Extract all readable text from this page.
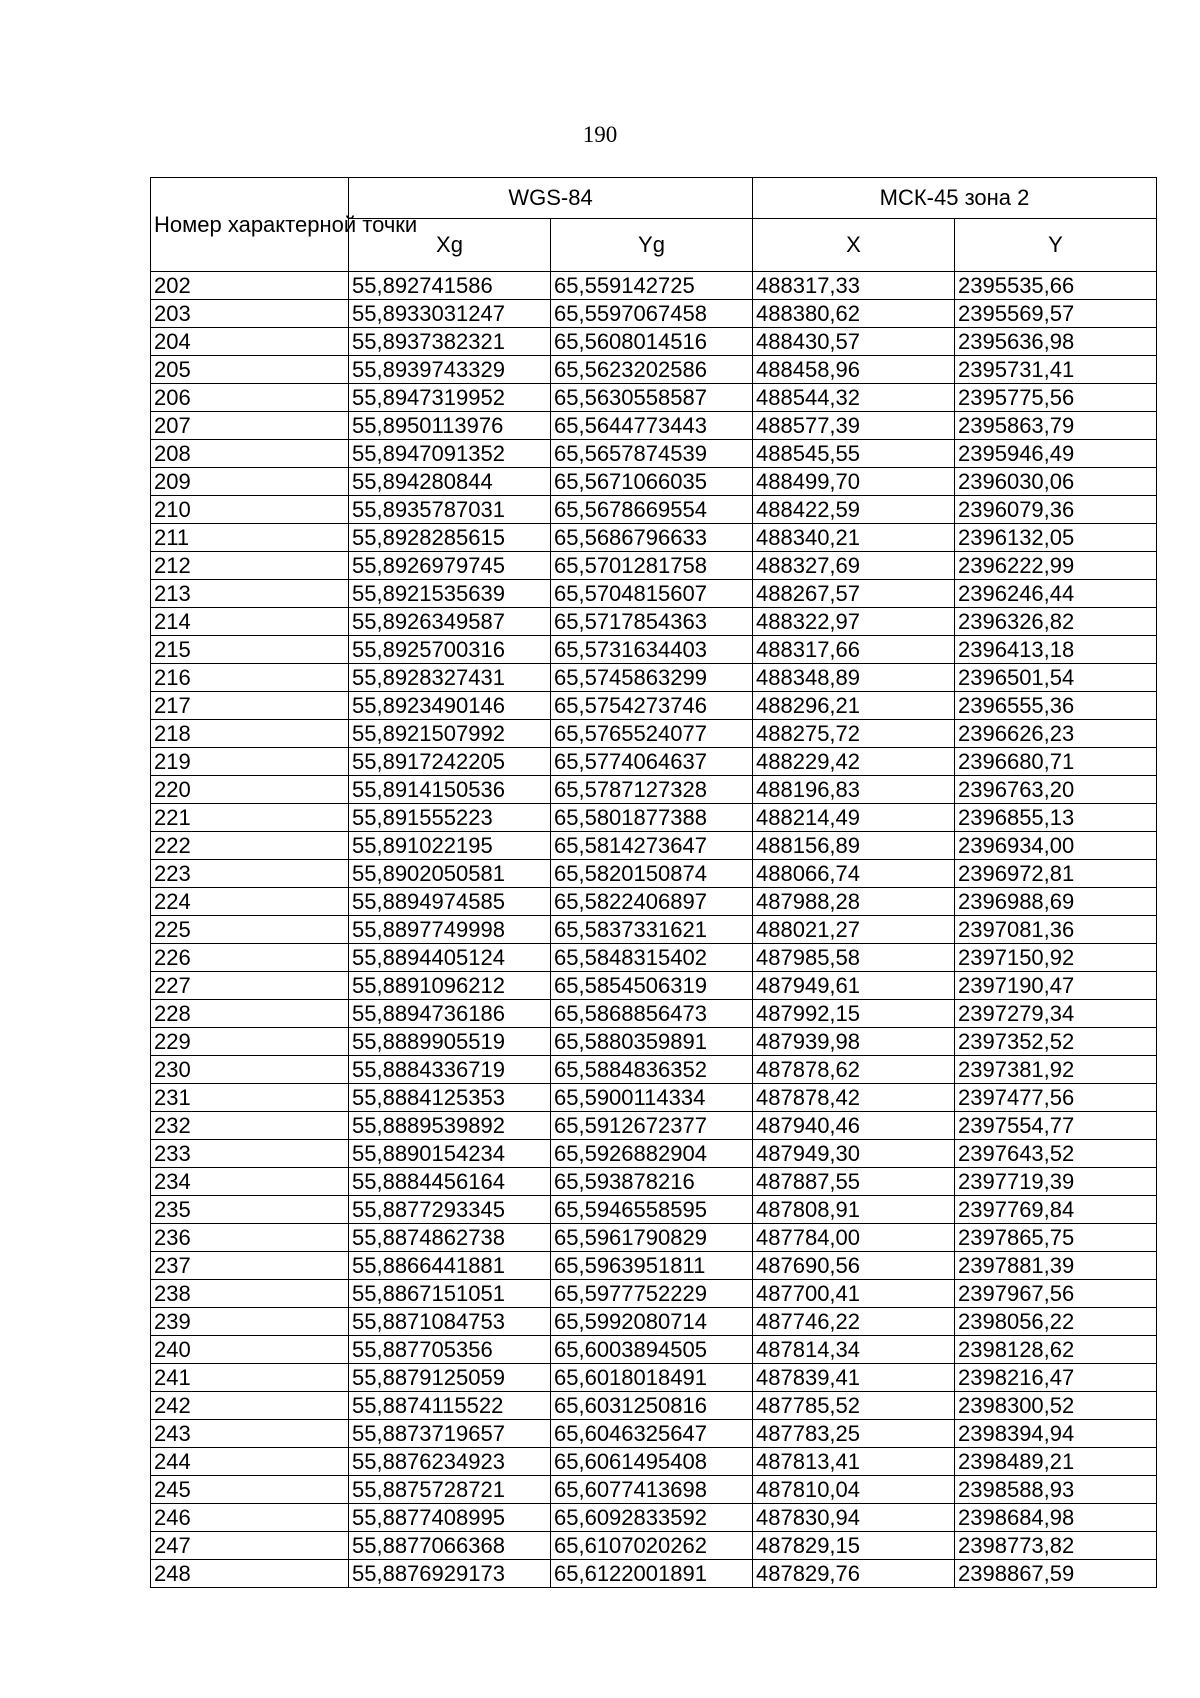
190
Номер характерной точки	WGS-84		МСК-45 зона 2	
	Xg	Yg	X	Y
202	55,892741586	65,559142725	488317,33	2395535,66
203	55,8933031247	65,5597067458	488380,62	2395569,57
204	55,8937382321	65,5608014516	488430,57	2395636,98
205	55,8939743329	65,5623202586	488458,96	2395731,41
206	55,8947319952	65,5630558587	488544,32	2395775,56
207	55,8950113976	65,5644773443	488577,39	2395863,79
208	55,8947091352	65,5657874539	488545,55	2395946,49
209	55,894280844	65,5671066035	488499,70	2396030,06
210	55,8935787031	65,5678669554	488422,59	2396079,36
211	55,8928285615	65,5686796633	488340,21	2396132,05
212	55,8926979745	65,5701281758	488327,69	2396222,99
213	55,8921535639	65,5704815607	488267,57	2396246,44
214	55,8926349587	65,5717854363	488322,97	2396326,82
215	55,8925700316	65,5731634403	488317,66	2396413,18
216	55,8928327431	65,5745863299	488348,89	2396501,54
217	55,8923490146	65,5754273746	488296,21	2396555,36
218	55,8921507992	65,5765524077	488275,72	2396626,23
219	55,8917242205	65,5774064637	488229,42	2396680,71
220	55,8914150536	65,5787127328	488196,83	2396763,20
221	55,891555223	65,5801877388	488214,49	2396855,13
222	55,891022195	65,5814273647	488156,89	2396934,00
223	55,8902050581	65,5820150874	488066,74	2396972,81
224	55,8894974585	65,5822406897	487988,28	2396988,69
225	55,8897749998	65,5837331621	488021,27	2397081,36
226	55,8894405124	65,5848315402	487985,58	2397150,92
227	55,8891096212	65,5854506319	487949,61	2397190,47
228	55,8894736186	65,5868856473	487992,15	2397279,34
229	55,8889905519	65,5880359891	487939,98	2397352,52
230	55,8884336719	65,5884836352	487878,62	2397381,92
231	55,8884125353	65,5900114334	487878,42	2397477,56
232	55,8889539892	65,5912672377	487940,46	2397554,77
233	55,8890154234	65,5926882904	487949,30	2397643,52
234	55,8884456164	65,593878216	487887,55	2397719,39
235	55,8877293345	65,5946558595	487808,91	2397769,84
236	55,8874862738	65,5961790829	487784,00	2397865,75
237	55,8866441881	65,5963951811	487690,56	2397881,39
238	55,8867151051	65,5977752229	487700,41	2397967,56
239	55,8871084753	65,5992080714	487746,22	2398056,22
240	55,887705356	65,6003894505	487814,34	2398128,62
241	55,8879125059	65,6018018491	487839,41	2398216,47
242	55,8874115522	65,6031250816	487785,52	2398300,52
243	55,8873719657	65,6046325647	487783,25	2398394,94
244	55,8876234923	65,6061495408	487813,41	2398489,21
245	55,8875728721	65,6077413698	487810,04	2398588,93
246	55,8877408995	65,6092833592	487830,94	2398684,98
247	55,8877066368	65,6107020262	487829,15	2398773,82
248	55,8876929173	65,6122001891	487829,76	2398867,59
